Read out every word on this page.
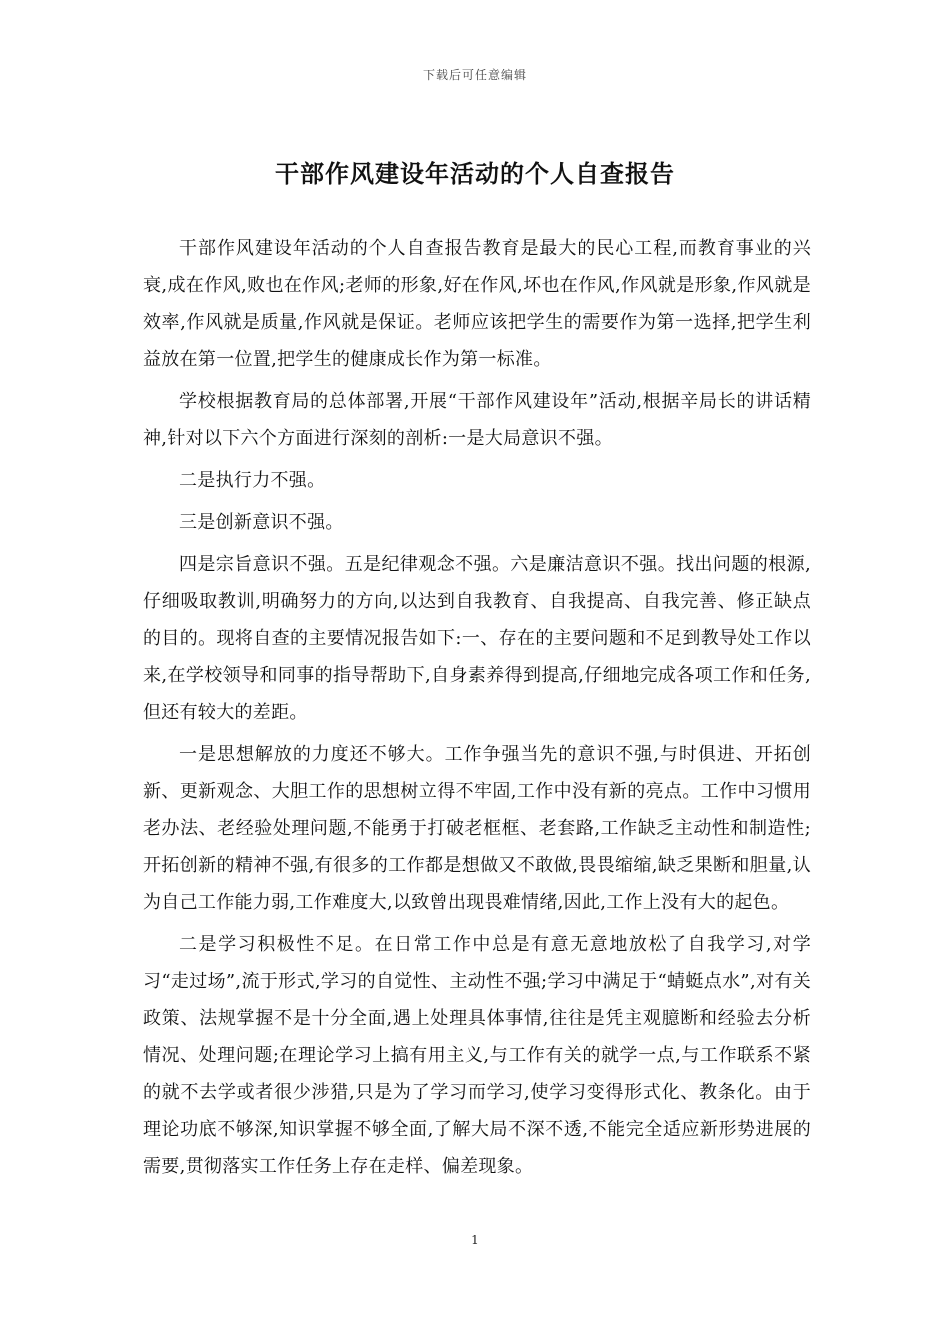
下载后可任意编辑
干部作风建设年活动的个人自查报告

干部作风建设年活动的个人自查报告教育是最大的民心工程,而教育事业的兴衰,成在作风,败也在作风;老师的形象,好在作风,坏也在作风,作风就是形象,作风就是效率,作风就是质量,作风就是保证。老师应该把学生的需要作为第一选择,把学生利益放在第一位置,把学生的健康成长作为第一标准。

学校根据教育局的总体部署,开展“干部作风建设年”活动,根据辛局长的讲话精神,针对以下六个方面进行深刻的剖析:一是大局意识不强。

二是执行力不强。

三是创新意识不强。

四是宗旨意识不强。五是纪律观念不强。六是廉洁意识不强。找出问题的根源,仔细吸取教训,明确努力的方向,以达到自我教育、自我提高、自我完善、修正缺点的目的。现将自查的主要情况报告如下:一、存在的主要问题和不足到教导处工作以来,在学校领导和同事的指导帮助下,自身素养得到提高,仔细地完成各项工作和任务,但还有较大的差距。

一是思想解放的力度还不够大。工作争强当先的意识不强,与时俱进、开拓创新、更新观念、大胆工作的思想树立得不牢固,工作中没有新的亮点。工作中习惯用老办法、老经验处理问题,不能勇于打破老框框、老套路,工作缺乏主动性和制造性;开拓创新的精神不强,有很多的工作都是想做又不敢做,畏畏缩缩,缺乏果断和胆量,认为自己工作能力弱,工作难度大,以致曾出现畏难情绪,因此,工作上没有大的起色。

二是学习积极性不足。在日常工作中总是有意无意地放松了自我学习,对学习“走过场”,流于形式,学习的自觉性、主动性不强;学习中满足于“蜻蜓点水”,对有关政策、法规掌握不是十分全面,遇上处理具体事情,往往是凭主观臆断和经验去分析情况、处理问题;在理论学习上搞有用主义,与工作有关的就学一点,与工作联系不紧的就不去学或者很少涉猎,只是为了学习而学习,使学习变得形式化、教条化。由于理论功底不够深,知识掌握不够全面,了解大局不深不透,不能完全适应新形势进展的需要,贯彻落实工作任务上存在走样、偏差现象。

1
